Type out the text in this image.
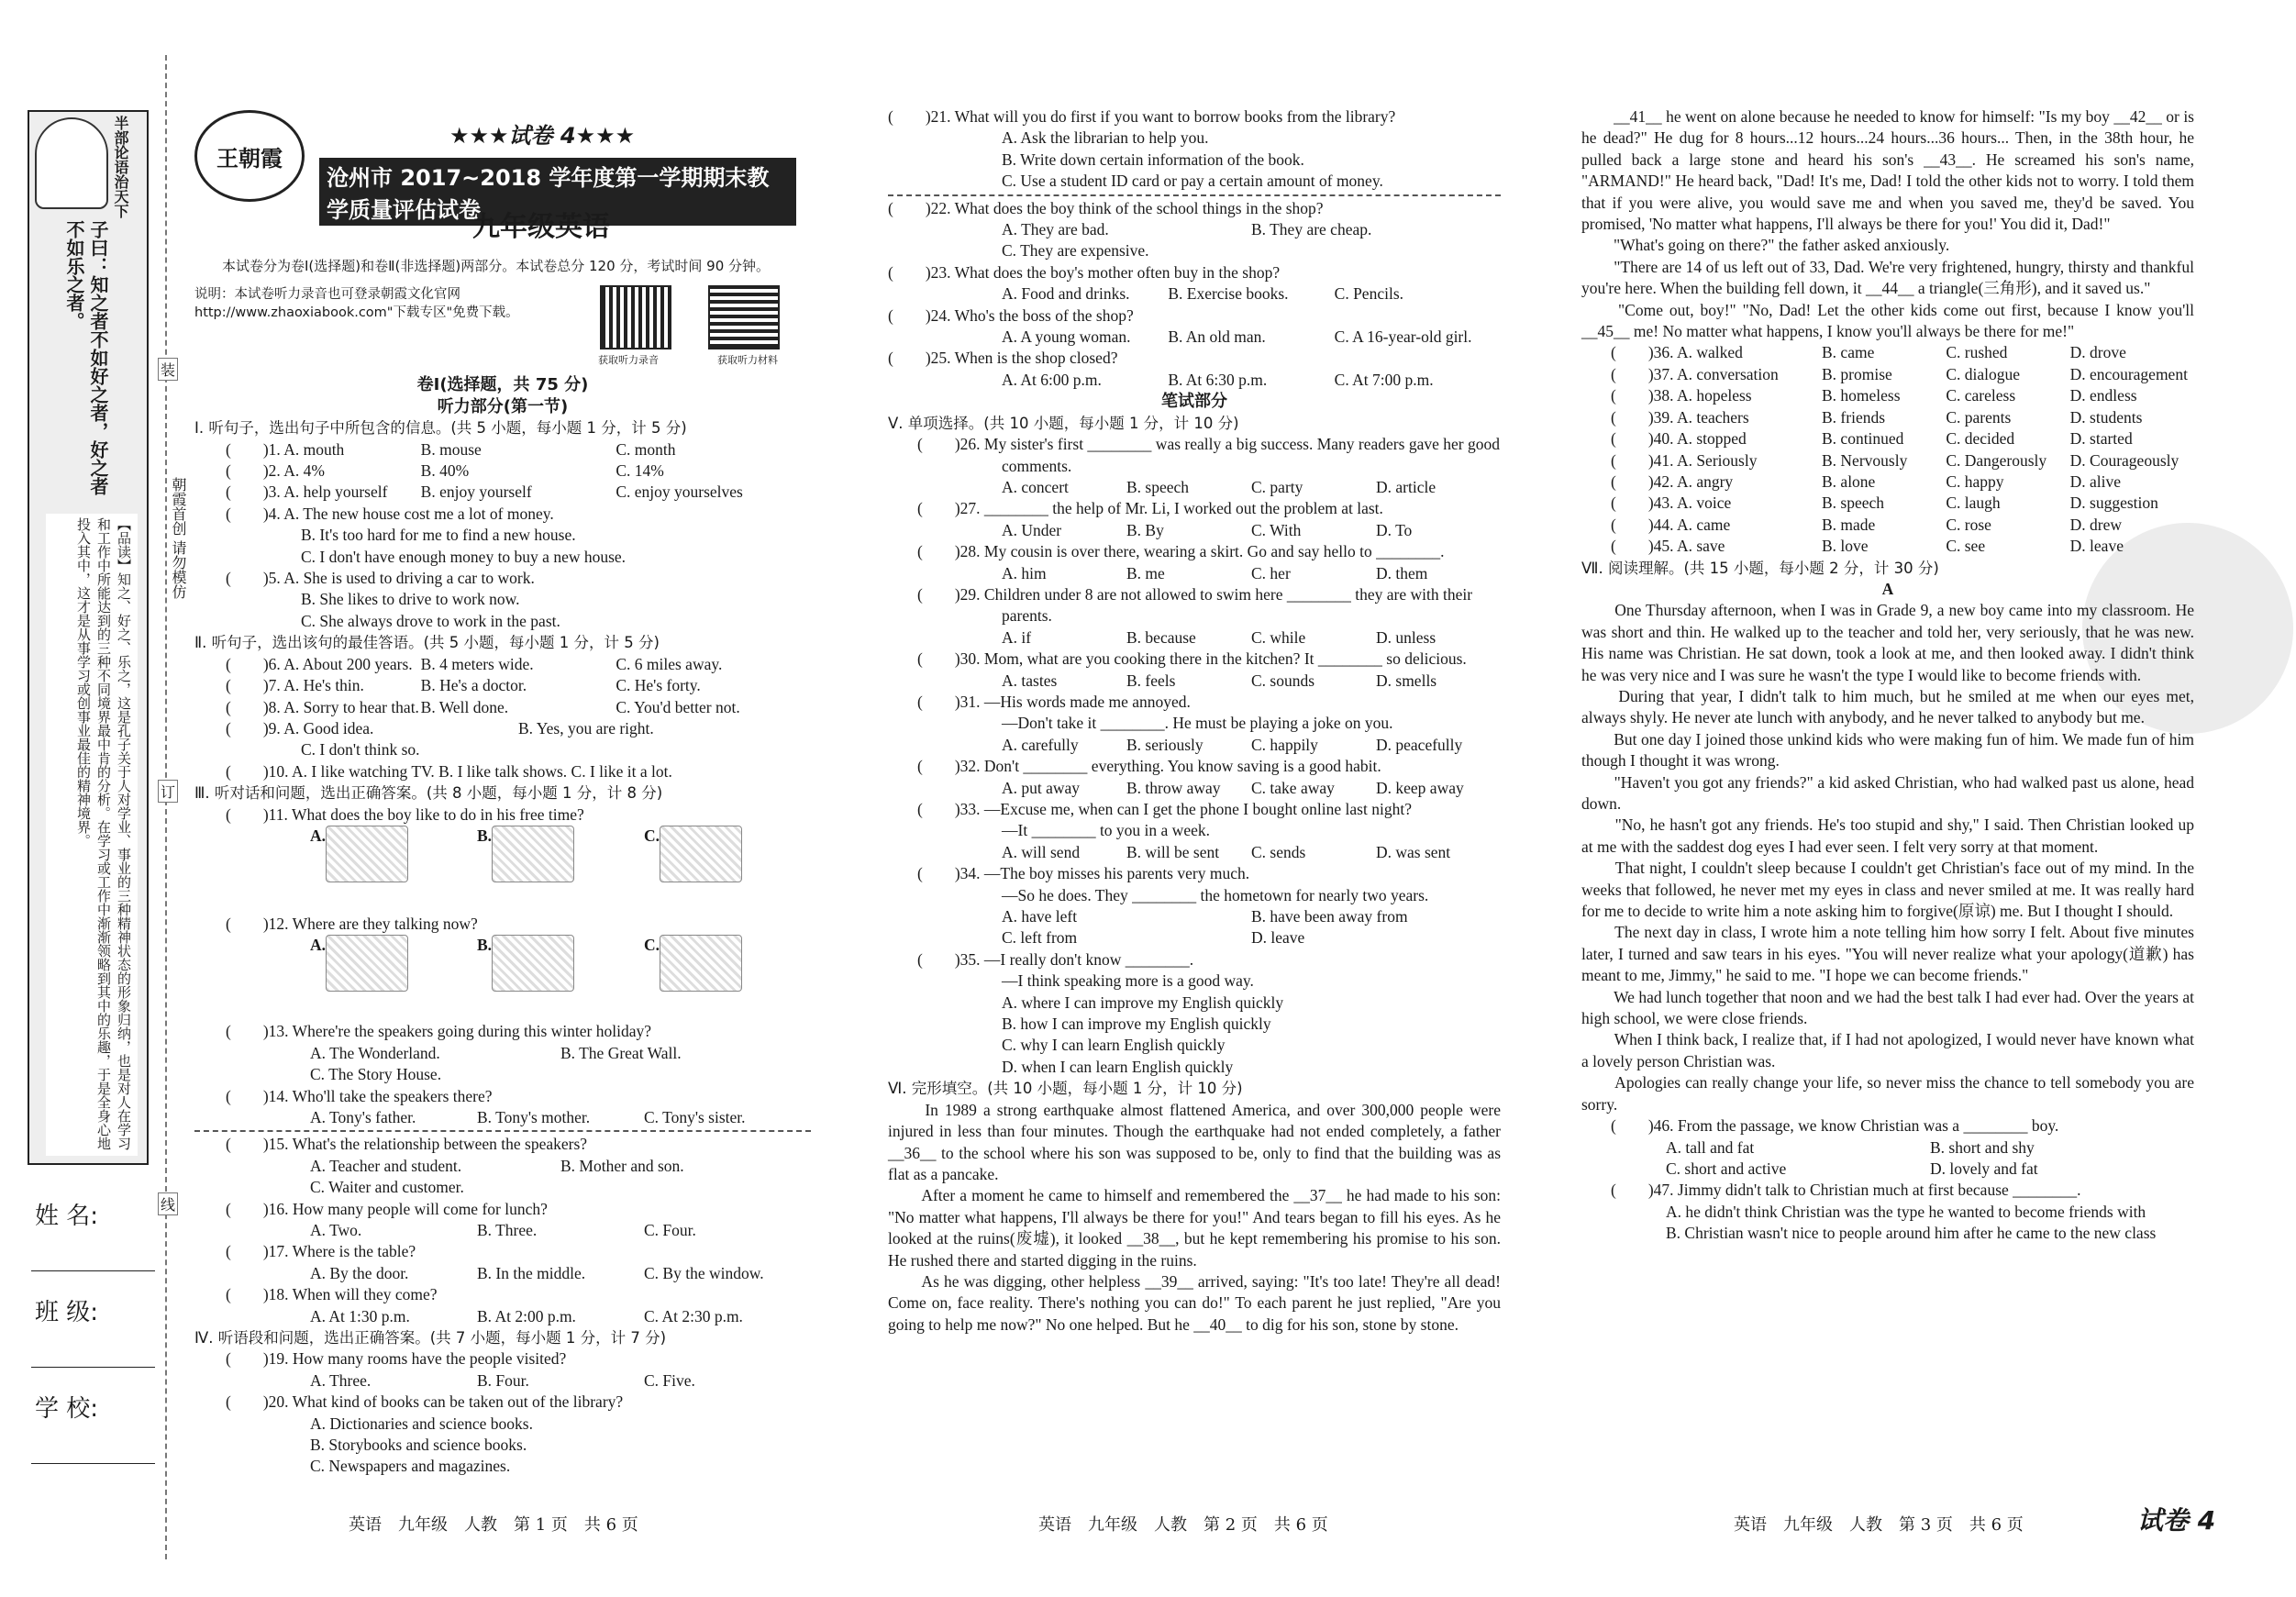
半部论语治天下
子曰：知之者不如好之者，好之者不如乐之者。
【品读】知之、好之、乐之，这是孔子关于人对学业、事业的三种精神状态的形象归纳，也是对人在学习和工作中所能达到的三种不同境界最中肯的分析。在学习或工作中渐渐领略到其中的乐趣，于是全身心地投入其中，这才是从事学习或创事业最佳的精神境界。	朝霞首创 请勿模仿
装
订
线
姓 名:
班 级:
学 校:
王朝霞
★★★试卷 4★★★
沧州市 2017~2018 学年度第一学期期末教学质量评估试卷
九年级英语
本试卷分为卷Ⅰ(选择题)和卷Ⅱ(非选择题)两部分。本试卷总分 120 分，考试时间 90 分钟。
说明：本试卷听力录音也可登录朝霞文化官网 http://www.zhaoxiabook.com"下载专区"免费下载。
获取听力录音	获取听力材料
卷Ⅰ(选择题，共 75 分)
听力部分(第一节)
Ⅰ. 听句子，选出句子中所包含的信息。(共 5 小题，每小题 1 分，计 5 分)
(　　)1. A. mouth	B. mouse	C. month
(　　)2. A. 4%	B. 40%	C. 14%
(　　)3. A. help yourself	B. enjoy yourself	C. enjoy yourselves
(　　)4. A. The new house cost me a lot of money.
B. It's too hard for me to find a new house.
C. I don't have enough money to buy a new house.
(　　)5. A. She is used to driving a car to work.
B. She likes to drive to work now.
C. She always drove to work in the past.
Ⅱ. 听句子，选出该句的最佳答语。(共 5 小题，每小题 1 分，计 5 分)
(　　)6. A. About 200 years. B. 4 meters wide.	C. 6 miles away.
(　　)7. A. He's thin.	B. He's a doctor.	C. He's forty.
(　　)8. A. Sorry to hear that. B. Well done.	C. You'd better not.
(　　)9. A. Good idea.	B. Yes, you are right.
C. I don't think so.
(　　)10. A. I like watching TV. B. I like talk shows. C. I like it a lot.
Ⅲ. 听对话和问题，选出正确答案。(共 8 小题，每小题 1 分，计 8 分)
(　　)11. What does the boy like to do in his free time?
A.	B.	C.
(　　)12. Where are they talking now?
A.	B.	C.
(　　)13. Where're the speakers going during this winter holiday?
A. The Wonderland.	B. The Great Wall.
C. The Story House.
(　　)14. Who'll take the speakers there?
A. Tony's father.	B. Tony's mother.	C. Tony's sister.
(　　)15. What's the relationship between the speakers?
A. Teacher and student.	B. Mother and son.
C. Waiter and customer.
(　　)16. How many people will come for lunch?
A. Two.	B. Three.	C. Four.
(　　)17. Where is the table?
A. By the door.	B. In the middle.	C. By the window.
(　　)18. When will they come?
A. At 1:30 p.m.	B. At 2:00 p.m.	C. At 2:30 p.m.
Ⅳ. 听语段和问题，选出正确答案。(共 7 小题，每小题 1 分，计 7 分)
(　　)19. How many rooms have the people visited?
A. Three.	B. Four.	C. Five.
(　　)20. What kind of books can be taken out of the library?
A. Dictionaries and science books.
B. Storybooks and science books.
C. Newspapers and magazines.
英语　九年级　人教　第 1 页　共 6 页
(　　)21. What will you do first if you want to borrow books from the library?
A. Ask the librarian to help you.
B. Write down certain information of the book.
C. Use a student ID card or pay a certain amount of money.
(　　)22. What does the boy think of the school things in the shop?
A. They are bad.	B. They are cheap.
C. They are expensive.
(　　)23. What does the boy's mother often buy in the shop?
A. Food and drinks.	B. Exercise books.	C. Pencils.
(　　)24. Who's the boss of the shop?
A. A young woman.	B. An old man.	C. A 16-year-old girl.
(　　)25. When is the shop closed?
A. At 6:00 p.m.	B. At 6:30 p.m.	C. At 7:00 p.m.
笔试部分
Ⅴ. 单项选择。(共 10 小题，每小题 1 分，计 10 分)
(　　)26. My sister's first ________ was really a big success. Many readers gave her good comments.
A. concert	B. speech	C. party	D. article
(　　)27. ________ the help of Mr. Li, I worked out the problem at last.
A. Under	B. By	C. With	D. To
(　　)28. My cousin is over there, wearing a skirt. Go and say hello to ________.
A. him	B. me	C. her	D. them
(　　)29. Children under 8 are not allowed to swim here ________ they are with their parents.
A. if	B. because	C. while	D. unless
(　　)30. Mom, what are you cooking there in the kitchen? It ________ so delicious.
A. tastes	B. feels	C. sounds	D. smells
(　　)31. —His words made me annoyed.
—Don't take it ________. He must be playing a joke on you.
A. carefully	B. seriously	C. happily	D. peacefully
(　　)32. Don't ________ everything. You know saving is a good habit.
A. put away	B. throw away	C. take away	D. keep away
(　　)33. —Excuse me, when can I get the phone I bought online last night?
—It ________ to you in a week.
A. will send	B. will be sent	C. sends	D. was sent
(　　)34. —The boy misses his parents very much.
—So he does. They ________ the hometown for nearly two years.
A. have left	B. have been away from
C. left from	D. leave
(　　)35. —I really don't know ________.
—I think speaking more is a good way.
A. where I can improve my English quickly
B. how I can improve my English quickly
C. why I can learn English quickly
D. when I can learn English quickly
Ⅵ. 完形填空。(共 10 小题，每小题 1 分，计 10 分)
　　In 1989 a strong earthquake almost flattened America, and over 300,000 people were injured in less than four minutes. Though the earthquake had not ended completely, a father __36__ to the school where his son was supposed to be, only to find that the building was as flat as a pancake.
　　After a moment he came to himself and remembered the __37__ he had made to his son: "No matter what happens, I'll always be there for you!" And tears began to fill his eyes. As he looked at the ruins(废墟), it looked __38__, but he kept remembering his promise to his son. He rushed there and started digging in the ruins.
　　As he was digging, other helpless __39__ arrived, saying: "It's too late! They're all dead! Come on, face reality. There's nothing you can do!" To each parent he just replied, "Are you going to help me now?" No one helped. But he __40__ to dig for his son, stone by stone.
英语　九年级　人教　第 2 页　共 6 页
　　__41__ he went on alone because he needed to know for himself: "Is my boy __42__ or is he dead?" He dug for 8 hours...12 hours...24 hours...36 hours... Then, in the 38th hour, he pulled back a large stone and heard his son's __43__. He screamed his son's name, "ARMAND!" He heard back, "Dad! It's me, Dad! I told the other kids not to worry. I told them that if you were alive, you would save me and when you saved me, they'd be saved. You promised, 'No matter what happens, I'll always be there for you!' You did it, Dad!"
　　"What's going on there?" the father asked anxiously.
　　"There are 14 of us left out of 33, Dad. We're very frightened, hungry, thirsty and thankful you're here. When the building fell down, it __44__ a triangle(三角形), and it saved us."
　　"Come out, boy!" "No, Dad! Let the other kids come out first, because I know you'll __45__ me! No matter what happens, I know you'll always be there for me!"
(　　)36. A. walked	B. came	C. rushed	D. drove
(　　)37. A. conversation	B. promise	C. dialogue	D. encouragement
(　　)38. A. hopeless	B. homeless	C. careless	D. endless
(　　)39. A. teachers	B. friends	C. parents	D. students
(　　)40. A. stopped	B. continued	C. decided	D. started
(　　)41. A. Seriously	B. Nervously	C. Dangerously	D. Courageously
(　　)42. A. angry	B. alone	C. happy	D. alive
(　　)43. A. voice	B. speech	C. laugh	D. suggestion
(　　)44. A. came	B. made	C. rose	D. drew
(　　)45. A. save	B. love	C. see	D. leave
Ⅶ. 阅读理解。(共 15 小题，每小题 2 分，计 30 分)
A
　　One Thursday afternoon, when I was in Grade 9, a new boy came into my classroom. He was short and thin. He walked up to the teacher and told her, very seriously, that he was new. His name was Christian. He sat down, took a look at me, and then looked away. I didn't think he was very nice and I was sure he wasn't the type I would like to become friends with.
　　During that year, I didn't talk to him much, but he smiled at me when our eyes met, always shyly. He never ate lunch with anybody, and he never talked to anybody but me.
　　But one day I joined those unkind kids who were making fun of him. We made fun of him though I thought it was wrong.
　　"Haven't you got any friends?" a kid asked Christian, who had walked past us alone, head down.
　　"No, he hasn't got any friends. He's too stupid and shy," I said. Then Christian looked up at me with the saddest dog eyes I had ever seen. I felt very sorry at that moment.
　　That night, I couldn't sleep because I couldn't get Christian's face out of my mind. In the weeks that followed, he never met my eyes in class and never smiled at me. It was really hard for me to decide to write him a note asking him to forgive(原谅) me. But I thought I should.
　　The next day in class, I wrote him a note telling him how sorry I felt. About five minutes later, I turned and saw tears in his eyes. "You will never realize what your apology(道歉) has meant to me, Jimmy," he said to me. "I hope we can become friends."
　　We had lunch together that noon and we had the best talk I had ever had. Over the years at high school, we were close friends.
　　When I think back, I realize that, if I had not apologized, I would never have known what a lovely person Christian was.
　　Apologies can really change your life, so never miss the chance to tell somebody you are sorry.
(　　)46. From the passage, we know Christian was a ________ boy.
A. tall and fat	B. short and shy
C. short and active	D. lovely and fat
(　　)47. Jimmy didn't talk to Christian much at first because ________.
A. he didn't think Christian was the type he wanted to become friends with
B. Christian wasn't nice to people around him after he came to the new class
英语　九年级　人教　第 3 页　共 6 页	试卷 4
